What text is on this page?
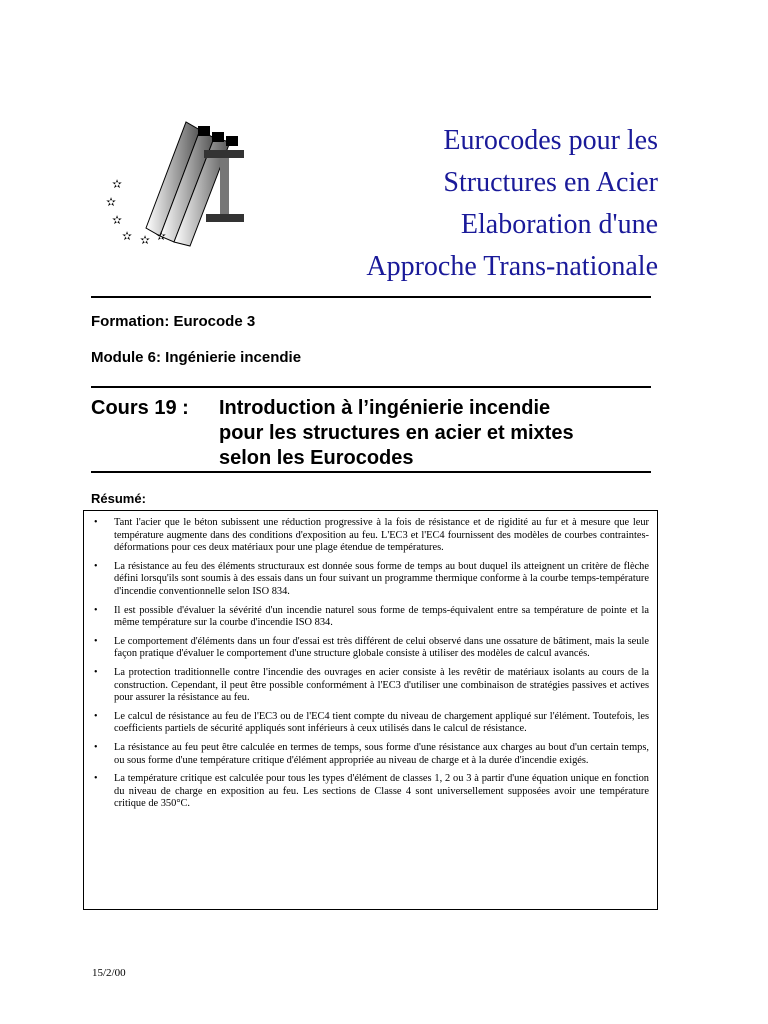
✫
✫
✫
✫ ✫ ✫
Eurocodes pour les
Structures en Acier
Elaboration d'une
Approche Trans-nationale
Formation: Eurocode 3
Module 6: Ingénierie incendie
Cours 19 : Introduction à l’ingénierie incendie
pour les structures en acier et mixtes
selon les Eurocodes
Résumé:
• Tant l'acier que le béton subissent une réduction progressive à la fois de résistance et de rigidité au fur et à mesure que leur température augmente dans des conditions d'exposition au feu. L'EC3 et l'EC4 fournissent des modèles de courbes contraintes-déformations pour ces deux matériaux pour une plage étendue de températures.
• La résistance au feu des éléments structuraux est donnée sous forme de temps au bout duquel ils atteignent un critère de flèche défini lorsqu'ils sont soumis à des essais dans un four suivant un programme thermique conforme à la courbe temps-température d'incendie conventionnelle selon ISO 834.
• Il est possible d'évaluer la sévérité d'un incendie naturel sous forme de temps-équivalent entre sa température de pointe et la même température sur la courbe d'incendie ISO 834.
• Le comportement d'éléments dans un four d'essai est très différent de celui observé dans une ossature de bâtiment, mais la seule façon pratique d'évaluer le comportement d'une structure globale consiste à utiliser des modèles de calcul avancés.
• La protection traditionnelle contre l'incendie des ouvrages en acier consiste à les revêtir de matériaux isolants au cours de la construction. Cependant, il peut être possible conformément à l'EC3 d'utiliser une combinaison de stratégies passives et actives pour assurer la résistance au feu.
• Le calcul de résistance au feu de l'EC3 ou de l'EC4 tient compte du niveau de chargement appliqué sur l'élément. Toutefois, les coefficients partiels de sécurité appliqués sont inférieurs à ceux utilisés dans le calcul de résistance.
• La résistance au feu peut être calculée en termes de temps, sous forme d'une résistance aux charges au bout d'un certain temps, ou sous forme d'une température critique d'élément appropriée au niveau de charge et à la durée d'incendie exigés.
• La température critique est calculée pour tous les types d'élément de classes 1, 2 ou 3 à partir d'une équation unique en fonction du niveau de charge en exposition au feu. Les sections de Classe 4 sont universellement supposées avoir une température critique de 350°C.
15/2/00
